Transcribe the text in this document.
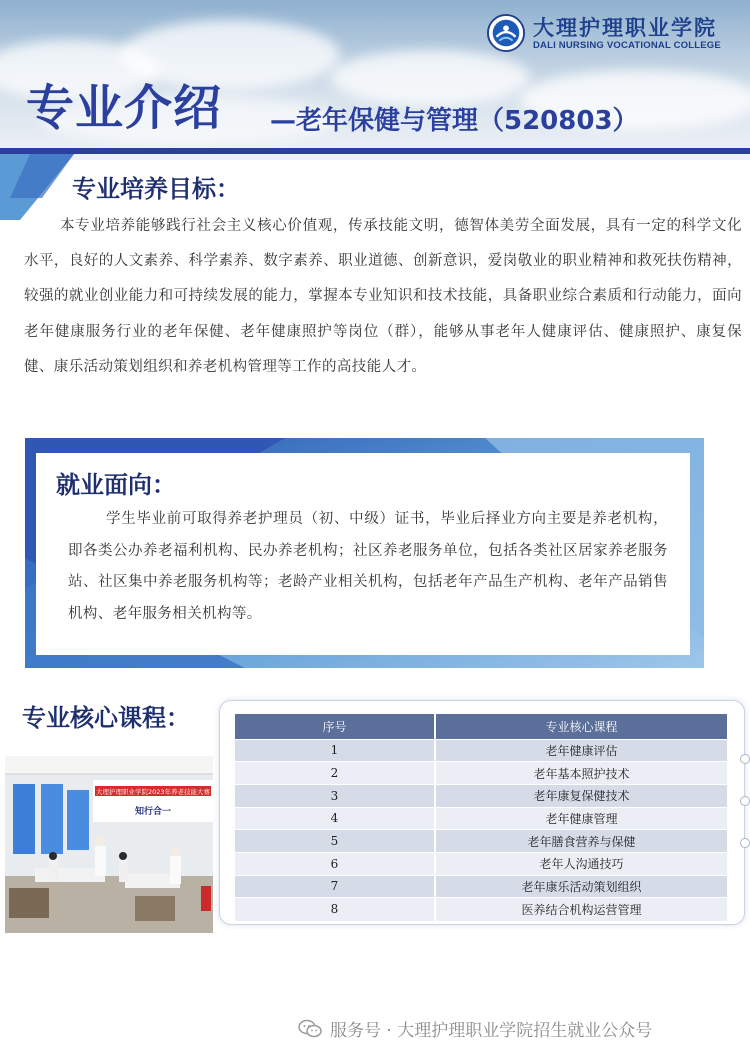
大理护理职业学院
DALI NURSING VOCATIONAL COLLEGE
专业介绍 —老年保健与管理（520803）
专业培养目标：
本专业培养能够践行社会主义核心价值观，传承技能文明，德智体美劳全面发展，具有一定的科学文化水平，良好的人文素养、科学素养、数字素养、职业道德、创新意识，爱岗敬业的职业精神和救死扶伤精神，较强的就业创业能力和可持续发展的能力，掌握本专业知识和技术技能，具备职业综合素质和行动能力，面向老年健康服务行业的老年保健、老年健康照护等岗位（群），能够从事老年人健康评估、健康照护、康复保健、康乐活动策划组织和养老机构管理等工作的高技能人才。
就业面向：
学生毕业前可取得养老护理员（初、中级）证书，毕业后择业方向主要是养老机构，即各类公办养老福利机构、民办养老机构；社区养老服务单位，包括各类社区居家养老服务站、社区集中养老服务机构等；老龄产业相关机构，包括老年产品生产机构、老年产品销售机构、老年服务相关机构等。
专业核心课程：	序号	专业核心课程
1	老年健康评估
2	老年基本照护技术
3	老年康复保健技术
4	老年健康管理
5	老年膳食营养与保健
6	老年人沟通技巧
7	老年康乐活动策划组织
8	医养结合机构运营管理
大理护理职业学院2023年养老技能大赛
知行合一
服务号 · 大理护理职业学院招生就业公众号
